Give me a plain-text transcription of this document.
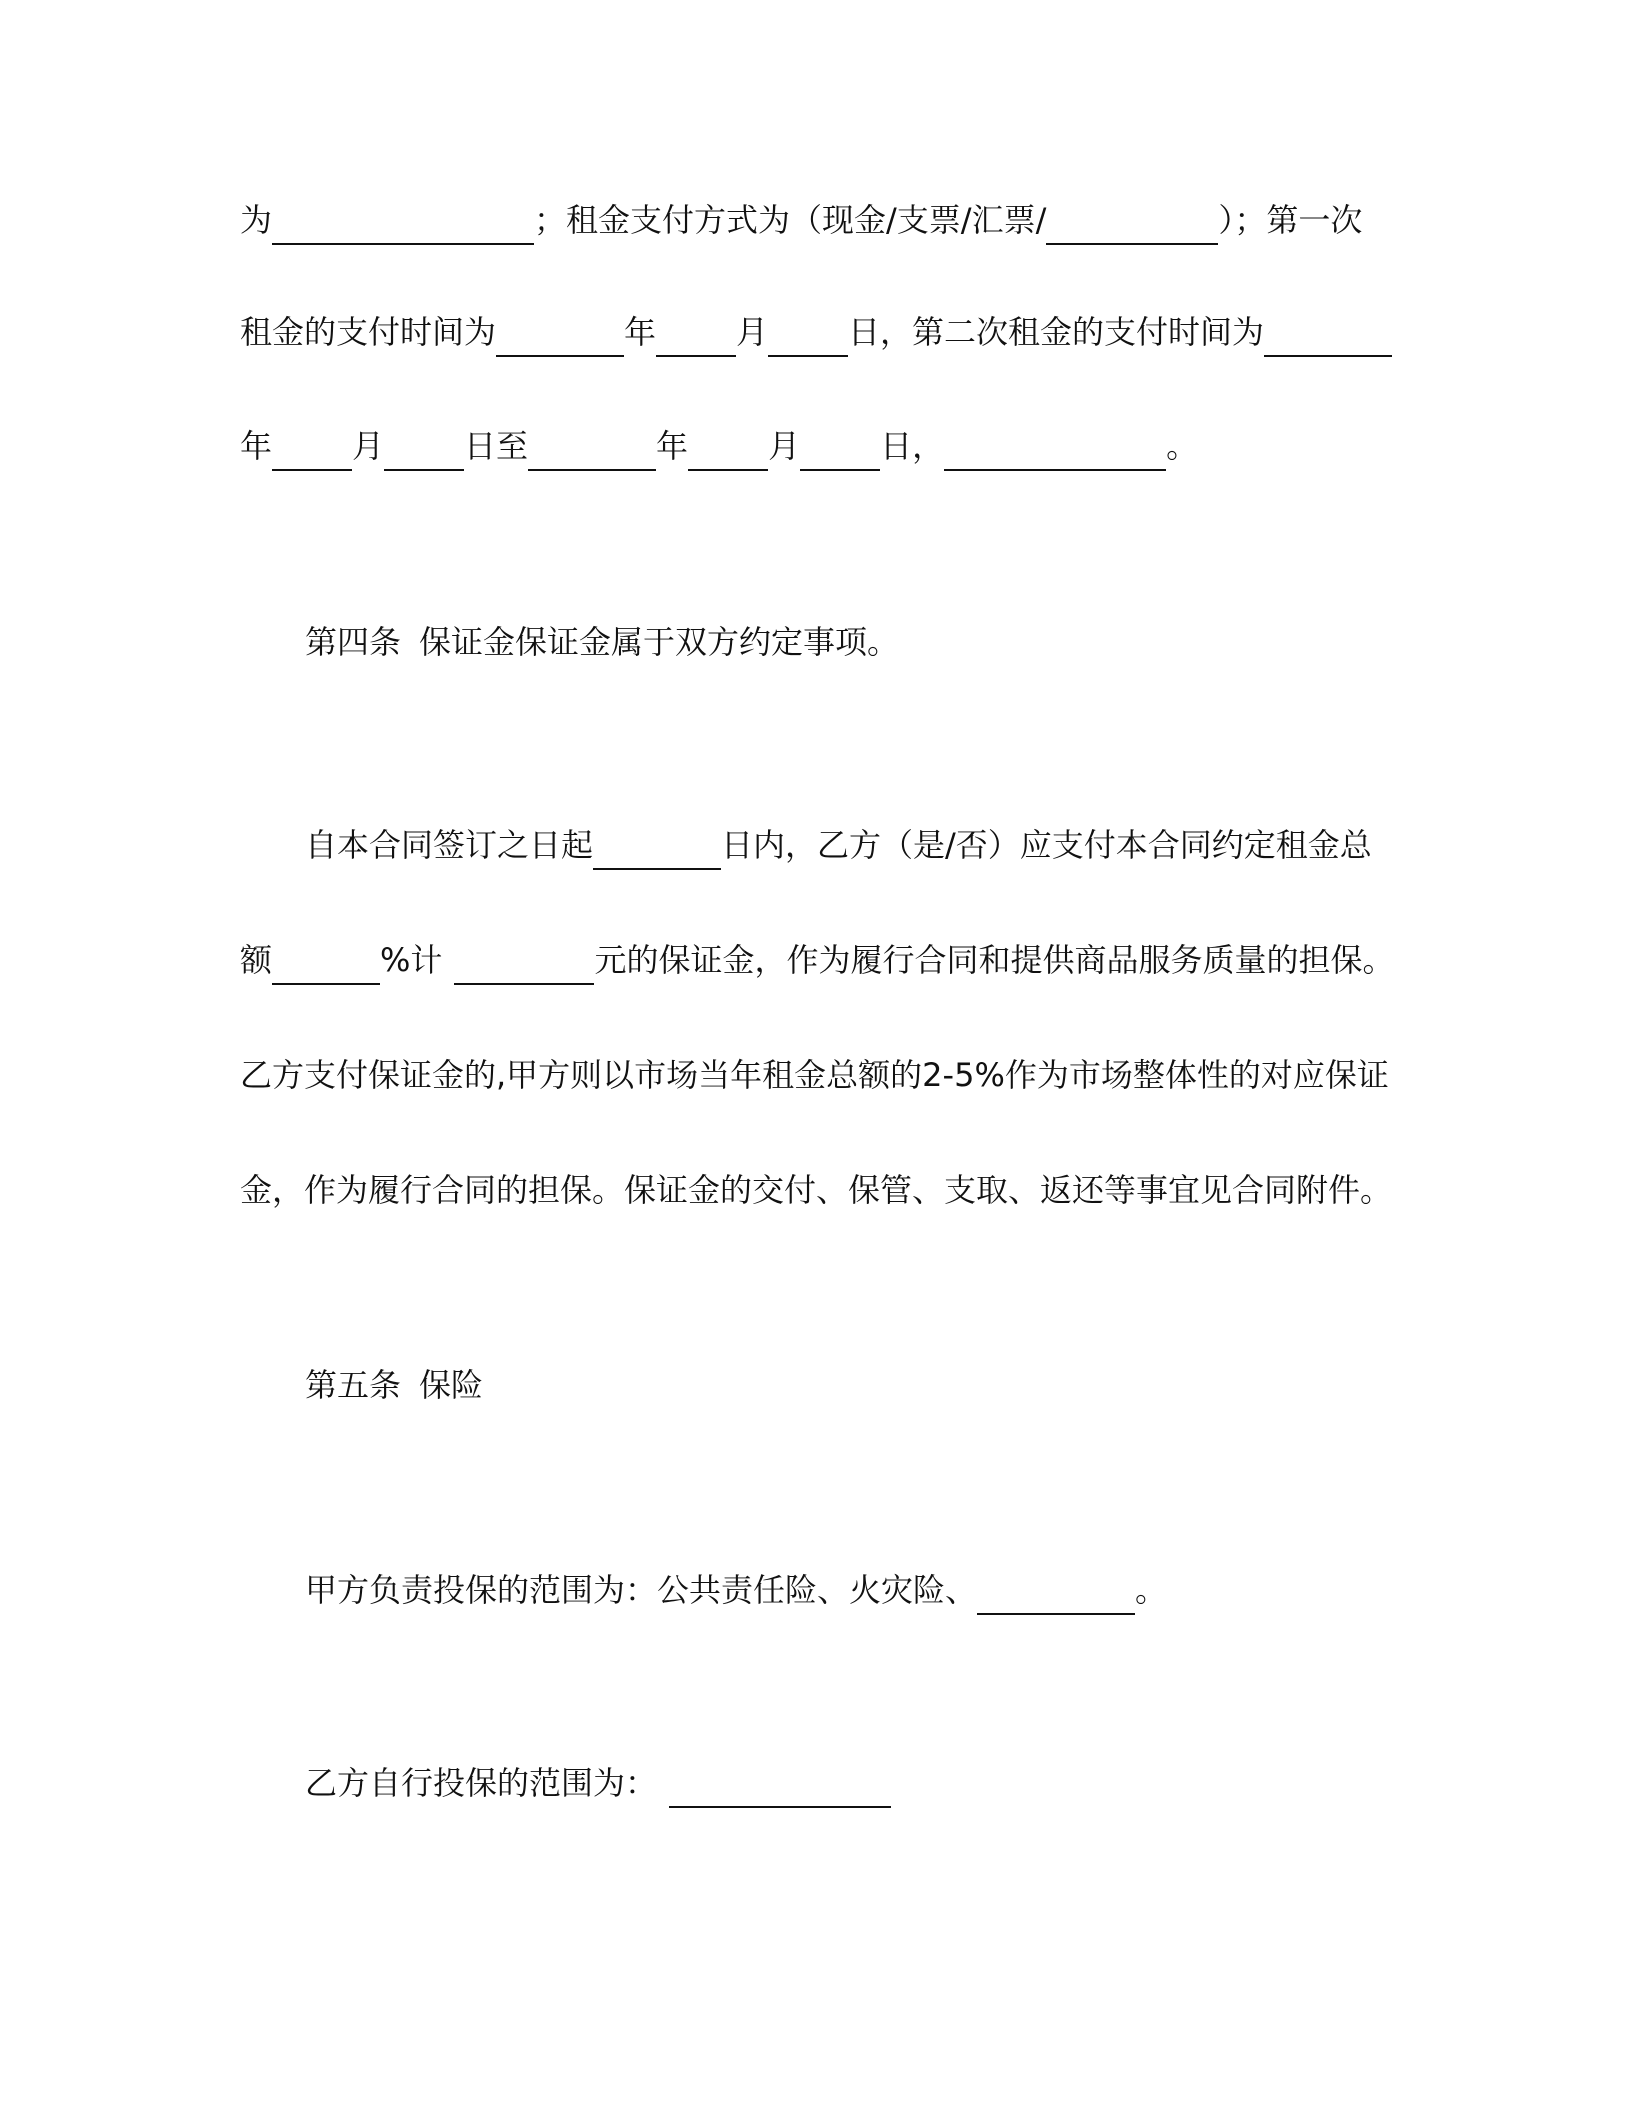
为	；租金支付方式为（现金/支票/汇票/	）；第一次
租金的支付时间为	年	月	日，第二次租金的支付时间为
年	月	日至	年	月	日，	。
第四条 保证金保证金属于双方约定事项。
自本合同签订之日起	日内，乙方（是/否）应支付本合同约定租金总
额	%计	元的保证金，作为履行合同和提供商品服务质量的担保。
乙方支付保证金的,甲方则以市场当年租金总额的2-5%作为市场整体性的对应保证
金，作为履行合同的担保。保证金的交付、保管、支取、返还等事宜见合同附件。
第五条 保险
甲方负责投保的范围为：公共责任险、火灾险、	。
乙方自行投保的范围为：
